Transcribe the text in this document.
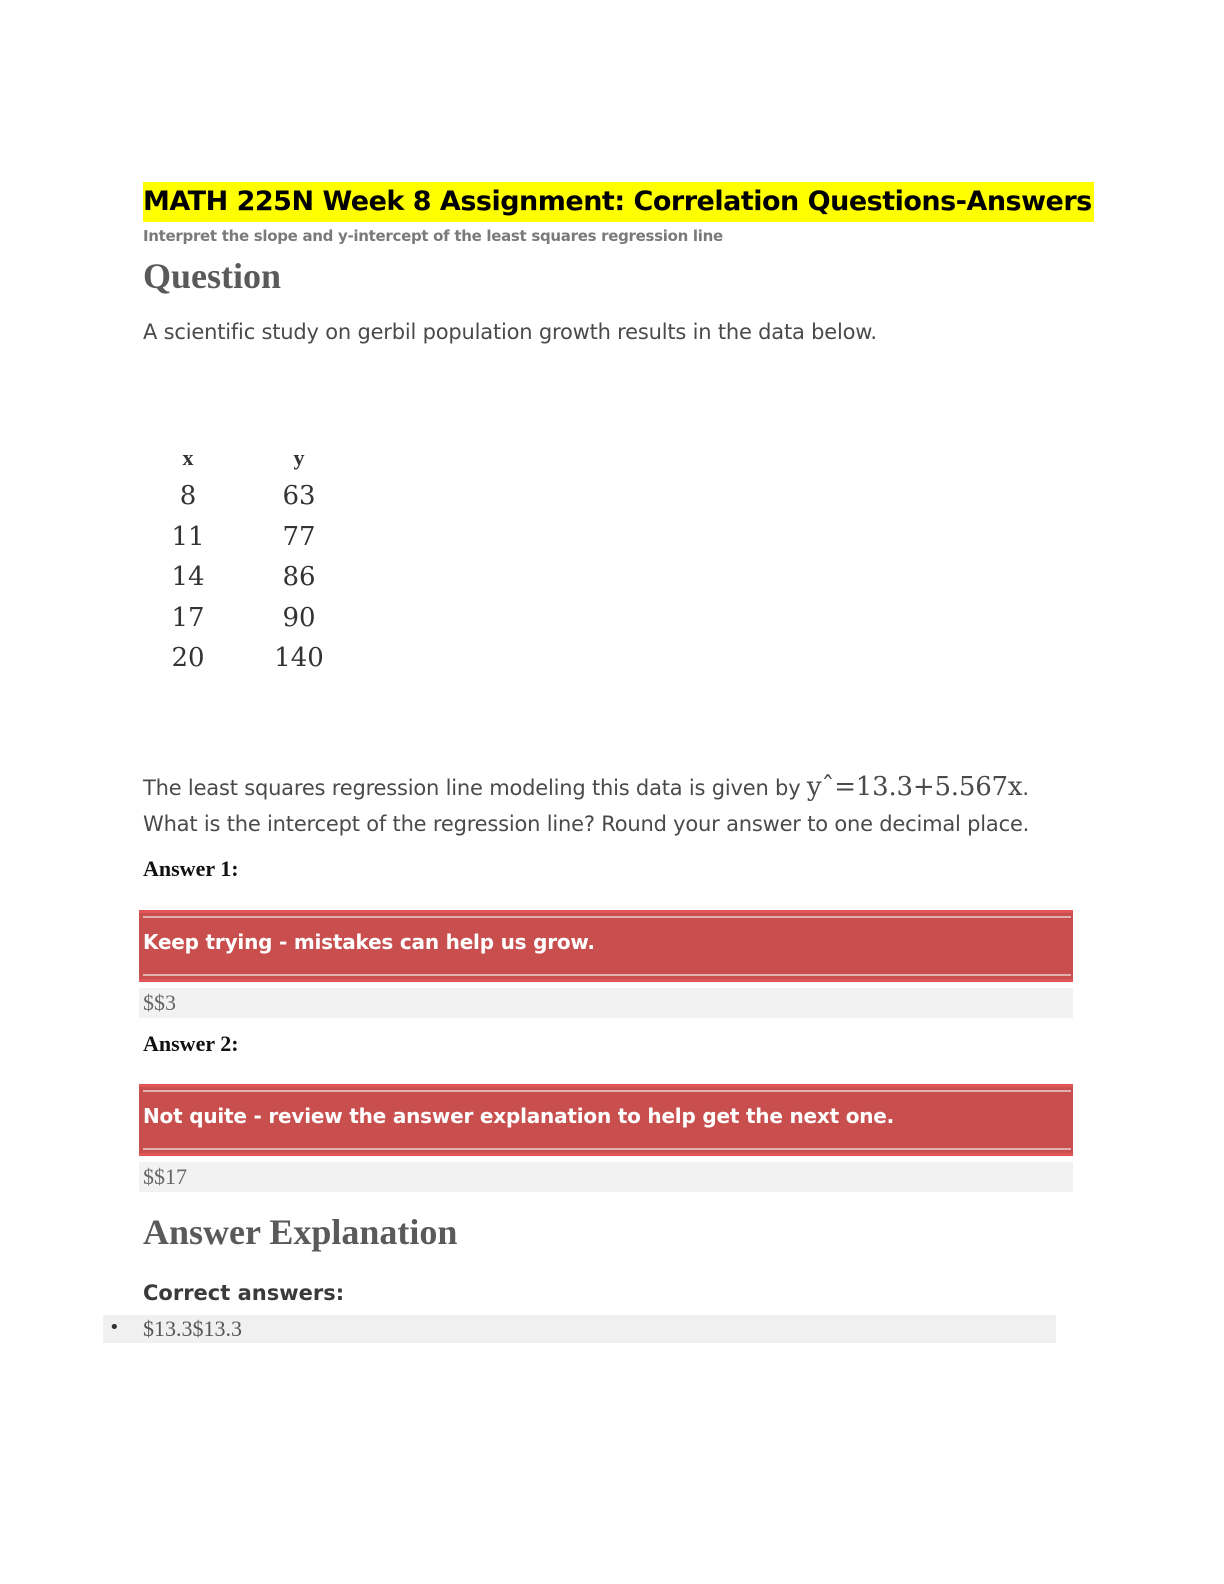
MATH 225N Week 8 Assignment: Correlation Questions-Answers
Interpret the slope and y-intercept of the least squares regression line
Question
A scientific study on gerbil population growth results in the data below.
x		y
8		63
11		77
14		86
17		90
20		140
The least squares regression line modeling this data is given by yˆ=13.3+5.567x.
What is the intercept of the regression line? Round your answer to one decimal place.
Answer 1:
Keep trying - mistakes can help us grow.
$$3
Answer 2:
Not quite - review the answer explanation to help get the next one.
$$17
Answer Explanation
Correct answers:
• $13.3$13.3
